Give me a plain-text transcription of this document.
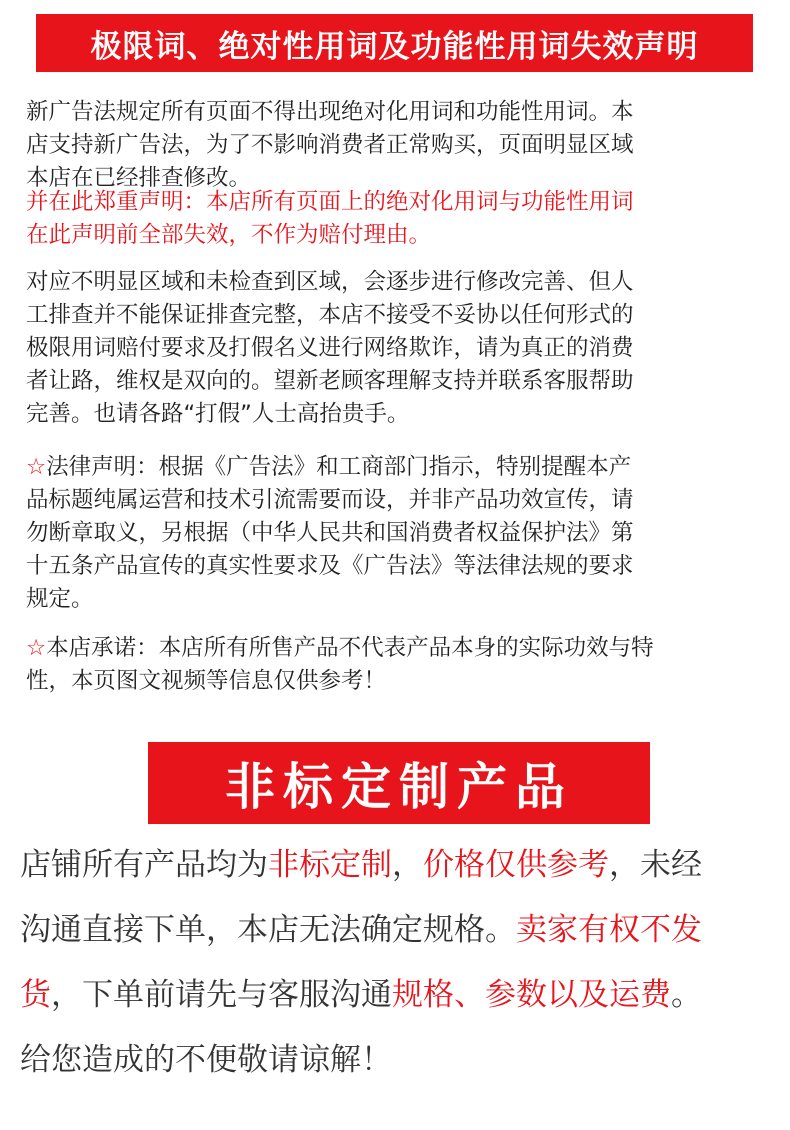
极限词、绝对性用词及功能性用词失效声明

新广告法规定所有页面不得出现绝对化用词和功能性用词。本
店支持新广告法，为了不影响消费者正常购买，页面明显区域
本店在已经排查修改。

并在此郑重声明：本店所有页面上的绝对化用词与功能性用词
在此声明前全部失效，不作为赔付理由。

对应不明显区域和未检查到区域，会逐步进行修改完善、但人
工排查并不能保证排查完整，本店不接受不妥协以任何形式的
极限用词赔付要求及打假名义进行网络欺诈，请为真正的消费
者让路，维权是双向的。望新老顾客理解支持并联系客服帮助
完善。也请各路“打假”人士高抬贵手。

☆法律声明：根据《广告法》和工商部门指示，特别提醒本产
品标题纯属运营和技术引流需要而设，并非产品功效宣传，请
勿断章取义，另根据（中华人民共和国消费者权益保护法》第
十五条产品宣传的真实性要求及《广告法》等法律法规的要求
规定。

☆本店承诺：本店所有所售产品不代表产品本身的实际功效与特
性，本页图文视频等信息仅供参考！
非标定制产品

店铺所有产品均为非标定制，价格仅供参考，未经

沟通直接下单，本店无法确定规格。卖家有权不发

货，下单前请先与客服沟通规格、参数以及运费。

给您造成的不便敬请谅解！
